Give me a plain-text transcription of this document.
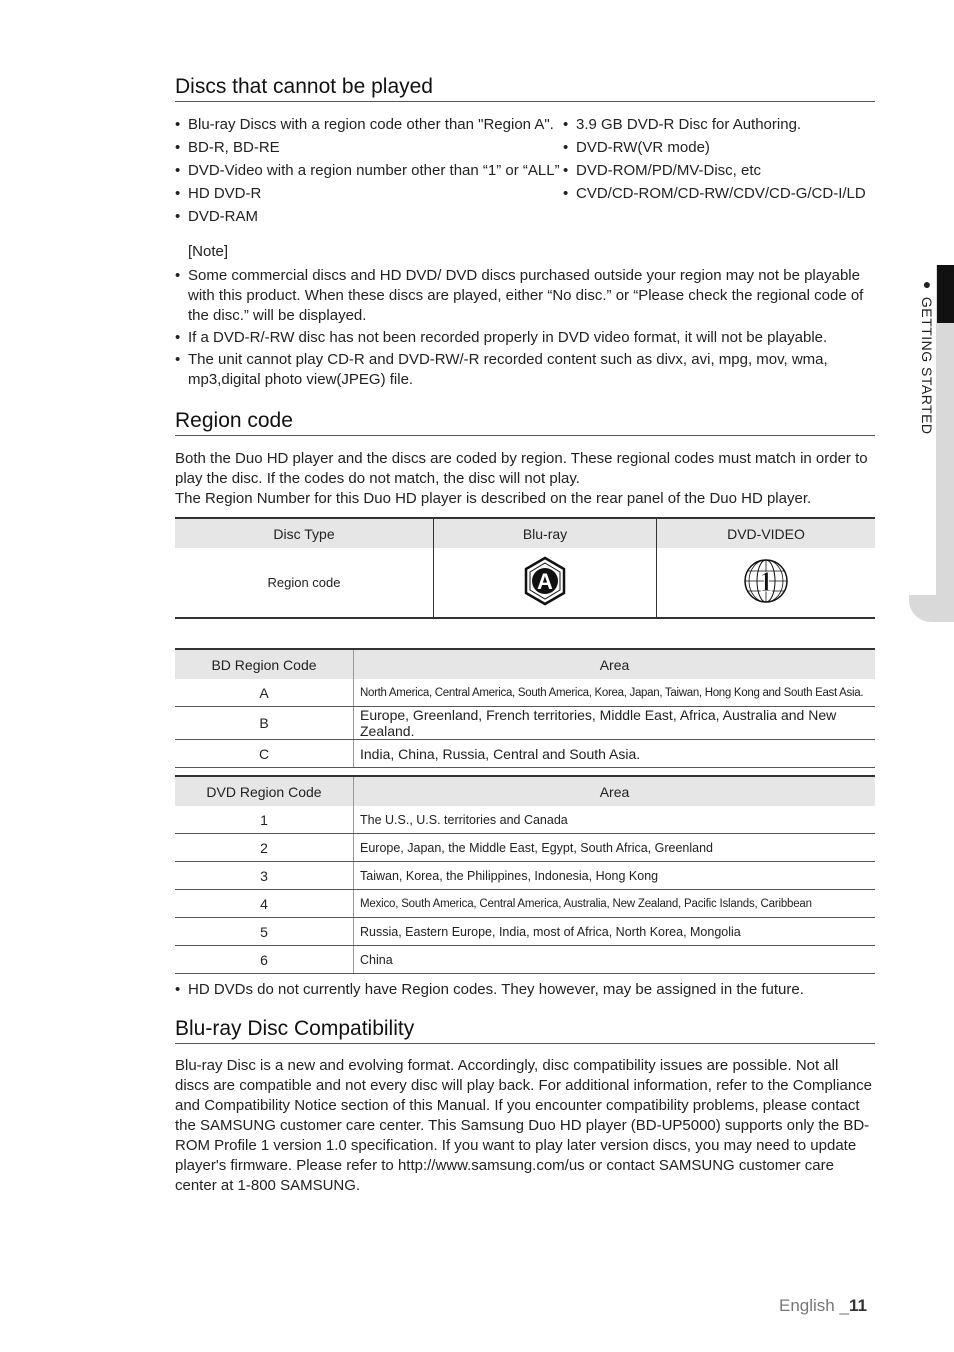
Discs that cannot be played
• Blu-ray Discs with a region code other than "Region A".
• BD-R, BD-RE
• DVD-Video with a region number other than “1” or “ALL”
• HD DVD-R
• DVD-RAM
• 3.9 GB DVD-R Disc for Authoring.
• DVD-RW(VR mode)
• DVD-ROM/PD/MV-Disc, etc
• CVD/CD-ROM/CD-RW/CDV/CD-G/CD-I/LD
[Note]
• Some commercial discs and HD DVD/ DVD discs purchased outside your region may not be playable with this product. When these discs are played, either “No disc.” or “Please check the regional code of the disc.” will be displayed.
• If a DVD-R/-RW disc has not been recorded properly in DVD video format, it will not be playable.
• The unit cannot play CD-R and DVD-RW/-R recorded content such as divx, avi, mpg, mov, wma, mp3,digital photo view(JPEG) file.
Region code
Both the Duo HD player and the discs are coded by region. These regional codes must match in order to play the disc. If the codes do not match, the disc will not play.
The Region Number for this Duo HD player is described on the rear panel of the Duo HD player.
Disc Type	Blu-ray	DVD-VIDEO
Region code	A	1
BD Region Code	Area
A	North America, Central America, South America, Korea, Japan, Taiwan, Hong Kong and South East Asia.
B	Europe, Greenland, French territories, Middle East, Africa, Australia and New Zealand.
C	India, China, Russia, Central and South Asia.
DVD Region Code	Area
1	The U.S., U.S. territories and Canada
2	Europe, Japan, the Middle East, Egypt, South Africa, Greenland
3	Taiwan, Korea, the Philippines, Indonesia, Hong Kong
4	Mexico, South America, Central America, Australia, New Zealand, Pacific Islands, Caribbean
5	Russia, Eastern Europe, India, most of Africa, North Korea, Mongolia
6	China
• HD DVDs do not currently have Region codes. They however, may be assigned in the future.
Blu-ray Disc Compatibility
Blu-ray Disc is a new and evolving format. Accordingly, disc compatibility issues are possible. Not all discs are compatible and not every disc will play back. For additional information, refer to the Compliance and Compatibility Notice section of this Manual. If you encounter compatibility problems, please contact the SAMSUNG customer care center. This Samsung Duo HD player (BD-UP5000) supports only the BD-ROM Profile 1 version 1.0 specification. If you want to play later version discs, you may need to update player's firmware. Please refer to http://www.samsung.com/us or contact SAMSUNG customer care center at 1-800 SAMSUNG.
● GETTING STARTED
English _11
